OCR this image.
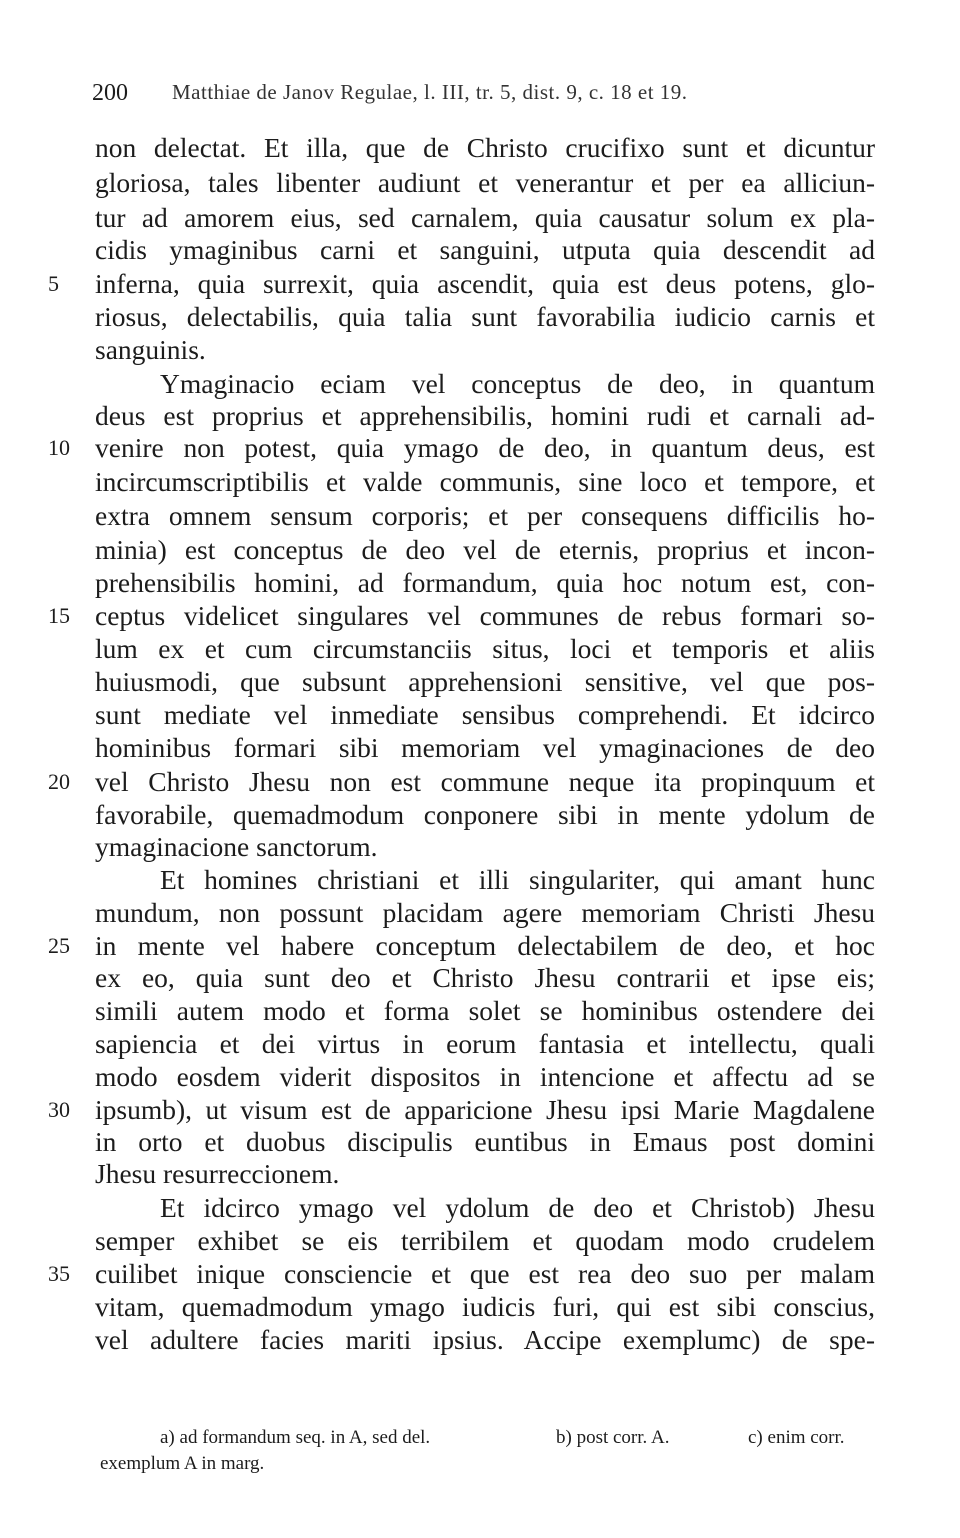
200 Matthiae de Janov Regulae, l. III, tr. 5, dist. 9, c. 18 et 19.
non delectat. Et illa, que de Christo crucifixo sunt et dicuntur
gloriosa, tales libenter audiunt et venerantur et per ea alliciun-
tur ad amorem eius, sed carnalem, quia causatur solum ex pla-
cidis ymaginibus carni et sanguini, utputa quia descendit ad
inferna, quia surrexit, quia ascendit, quia est deus potens, glo-
riosus, delectabilis, quia talia sunt favorabilia iudicio carnis et
sanguinis.
Ymaginacio eciam vel conceptus de deo, in quantum
deus est proprius et apprehensibilis, homini rudi et carnali ad-
venire non potest, quia ymago de deo, in quantum deus, est
incircumscriptibilis et valde communis, sine loco et tempore, et
extra omnem sensum corporis; et per consequens difficilis ho-
minia) est conceptus de deo vel de eternis, proprius et incon-
prehensibilis homini, ad formandum, quia hoc notum est, con-
ceptus videlicet singulares vel communes de rebus formari so-
lum ex et cum circumstanciis situs, loci et temporis et aliis
huiusmodi, que subsunt apprehensioni sensitive, vel que pos-
sunt mediate vel inmediate sensibus comprehendi. Et idcirco
hominibus formari sibi memoriam vel ymaginaciones de deo
vel Christo Jhesu non est commune neque ita propinquum et
favorabile, quemadmodum conponere sibi in mente ydolum de
ymaginacione sanctorum.
Et homines christiani et illi singulariter, qui amant hunc
mundum, non possunt placidam agere memoriam Christi Jhesu
in mente vel habere conceptum delectabilem de deo, et hoc
ex eo, quia sunt deo et Christo Jhesu contrarii et ipse eis;
simili autem modo et forma solet se hominibus ostendere dei
sapiencia et dei virtus in eorum fantasia et intellectu, quali
modo eosdem viderit dispositos in intencione et affectu ad se
ipsumb), ut visum est de apparicione Jhesu ipsi Marie Magdalene
in orto et duobus discipulis euntibus in Emaus post domini
Jhesu resurreccionem.
Et idcirco ymago vel ydolum de deo et Christob) Jhesu
semper exhibet se eis terribilem et quodam modo crudelem
cuilibet inique consciencie et que est rea deo suo per malam
vitam, quemadmodum ymago iudicis furi, qui est sibi conscius,
vel adultere facies mariti ipsius. Accipe exemplumc) de spe-
5
10
15
20
25
30
35
a) ad formandum seq. in A, sed del.	b) post corr. A.	c) enim corr.
exemplum A in marg.
